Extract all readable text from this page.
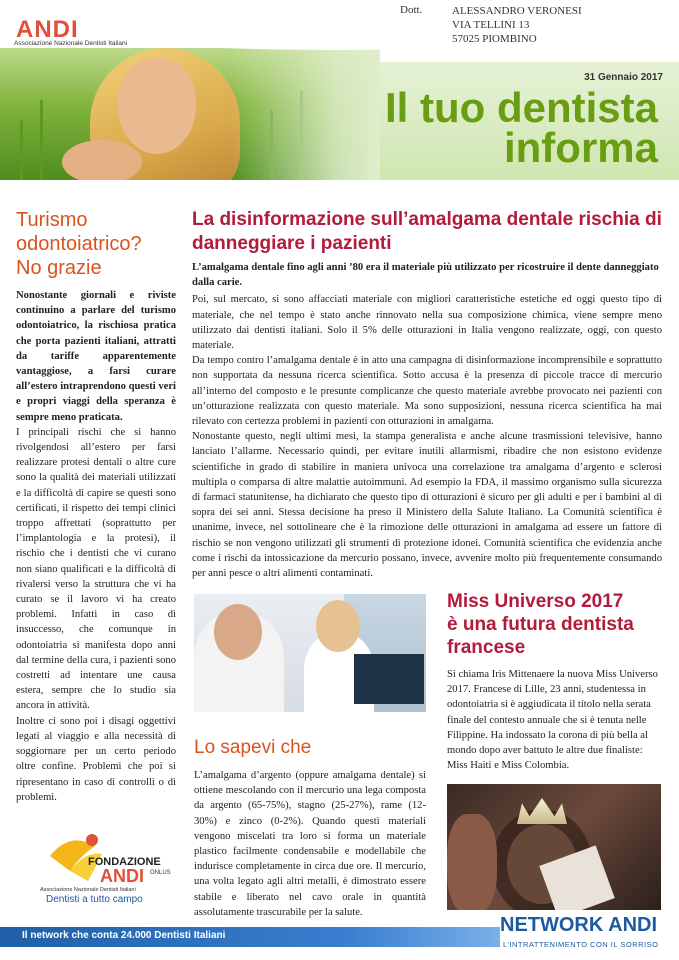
ANDI
Associazione Nazionale Dentisti Italiani
Dott.	ALESSANDRO VERONESI
VIA TELLINI 13
57025 PIOMBINO
31 Gennaio 2017
Il tuo dentista
informa
Turismo
odontoiatrico?
No grazie

Nonostante giornali e riviste continuino a parlare del turismo odontoiatrico, la rischiosa pratica che porta pazienti italiani, attratti da tariffe apparentemente vantaggiose, a farsi curare all’estero intraprendono questi veri e propri viaggi della speranza è sempre meno praticata.

I principali rischi che si hanno rivolgendosi all’estero per farsi realizzare protesi dentali o altre cure sono la qualità dei materiali utilizzati e la difficoltà di capire se questi sono certificati, il rispetto dei tempi clinici troppo affrettati (soprattutto per l’implantologia e la protesi), il rischio che i dentisti che vi curano non siano qualificati e la difficoltà di rivalersi verso la struttura che vi ha curato se il lavoro vi ha creato problemi. Infatti in caso di insuccesso, che comunque in odontoiatria si manifesta dopo anni dal termine della cura, i pazienti sono costretti ad intentare une causa estera, sempre che lo studio sia ancora in attività.

Inoltre ci sono poi i disagi oggettivi legati al viaggio e alla necessità di soggiornare per un certo periodo oltre confine. Problemi che poi si ripresentano in caso di controlli o di problemi.

FONDAZIONE
ANDI ONLUS
Associazione Nazionale Dentisti Italiani
Dentisti a tutto campo
La disinformazione sull’amalgama dentale rischia di danneggiare i pazienti

L’amalgama dentale fino agli anni ’80 era il materiale più utilizzato per ricostruire il dente danneggiato dalla carie.

Poi, sul mercato, si sono affacciati materiale con migliori caratteristiche estetiche ed oggi questo tipo di materiale, che nel tempo è stato anche rinnovato nella sua composizione chimica, viene sempre meno utilizzato dai dentisti italiani. Solo il 5% delle otturazioni in Italia vengono realizzate, oggi, con questo materiale.

Da tempo contro l’amalgama dentale è in atto una campagna di disinformazione incomprensibile e soprattutto non supportata da nessuna ricerca scientifica. Sotto accusa è la presenza di piccole tracce di mercurio all’interno del composto e le presunte complicanze che questo materiale avrebbe provocato nei pazienti con un’otturazione realizzata con questo materiale. Ma sono supposizioni, nessuna ricerca scientifica ha mai rilevato con certezza problemi in pazienti con otturazioni in amalgama.

Nonostante questo, negli ultimi mesi, la stampa generalista e anche alcune trasmissioni televisive, hanno lanciato l’allarme. Necessario quindi, per evitare inutili allarmismi, ribadire che non esistono evidenze scientifiche in grado di stabilire in maniera univoca una correlazione tra amalgama d’argento e sclerosi multipla o comparsa di altre malattie autoimmuni. Ad esempio la FDA, il massimo organismo sulla sicurezza di farmaci statunitense, ha dichiarato che questo tipo di otturazioni è sicuro per gli adulti e per i bambini al di sopra dei sei anni. Stessa decisione ha preso il Ministero della Salute Italiano. La Comunità scientifica è unanime, invece, nel sottolineare che è la rimozione delle otturazioni in amalgama ad essere un fattore di rischio se non vengono utilizzati gli strumenti di protezione idonei. Comunità scientifica che evidenzia anche come i rischi da intossicazione da mercurio possano, invece, avvenire molto più frequentemente consumando per anni pesce o altri alimenti contaminati.

Lo sapevi che

L’amalgama d’argento (oppure amalgama dentale) si ottiene mescolando con il mercurio una lega composta da argento (65-75%), stagno (25-27%), rame (12-30%) e zinco (0-2%). Quando questi materiali vengono miscelati tra loro si forma un materiale plastico facilmente condensabile e modellabile che indurisce completamente in circa due ore. Il mercurio, una volta legato agli altri metalli, è dimostrato essere stabile e liberato nel cavo orale in quantità assolutamente trascurabile per la salute.

Miss Universo 2017
è una futura dentista
francese

Si chiama Iris Mittenaere la nuova Miss Universo 2017. Francese di Lille, 23 anni, studentessa in odontoiatria si è aggiudicata il titolo nella serata finale del contesto annuale che si è tenuta nelle Filippine. Ha indossato la corona di più bella al mondo dopo aver battuto le altre due finaliste: Miss Haiti e Miss Colombia.

Il network che conta 24.000 Dentisti Italiani	NETWORK ANDI
L’INTRATTENIMENTO CON IL SORRISO
